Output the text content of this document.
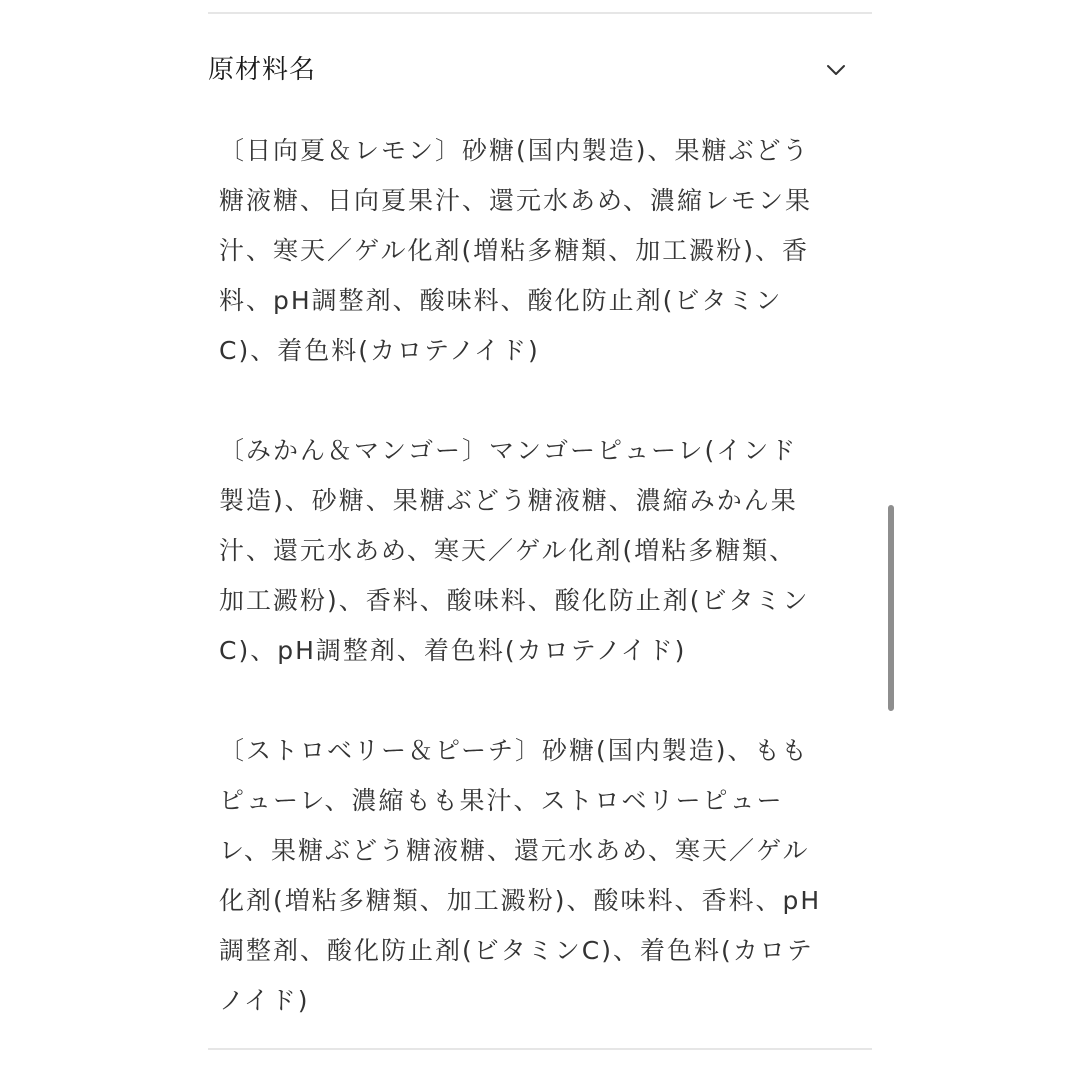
原材料名

〔日向夏＆レモン〕砂糖(国内製造)、果糖ぶどう
糖液糖、日向夏果汁、還元水あめ、濃縮レモン果
汁、寒天／ゲル化剤(増粘多糖類、加工澱粉)、香
料、pH調整剤、酸味料、酸化防止剤(ビタミン
C)、着色料(カロテノイド)

〔みかん＆マンゴー〕マンゴーピューレ(インド
製造)、砂糖、果糖ぶどう糖液糖、濃縮みかん果
汁、還元水あめ、寒天／ゲル化剤(増粘多糖類、
加工澱粉)、香料、酸味料、酸化防止剤(ビタミン
C)、pH調整剤、着色料(カロテノイド)

〔ストロベリー＆ピーチ〕砂糖(国内製造)、もも
ピューレ、濃縮もも果汁、ストロベリーピュー
レ、果糖ぶどう糖液糖、還元水あめ、寒天／ゲル
化剤(増粘多糖類、加工澱粉)、酸味料、香料、pH
調整剤、酸化防止剤(ビタミンC)、着色料(カロテ
ノイド)
